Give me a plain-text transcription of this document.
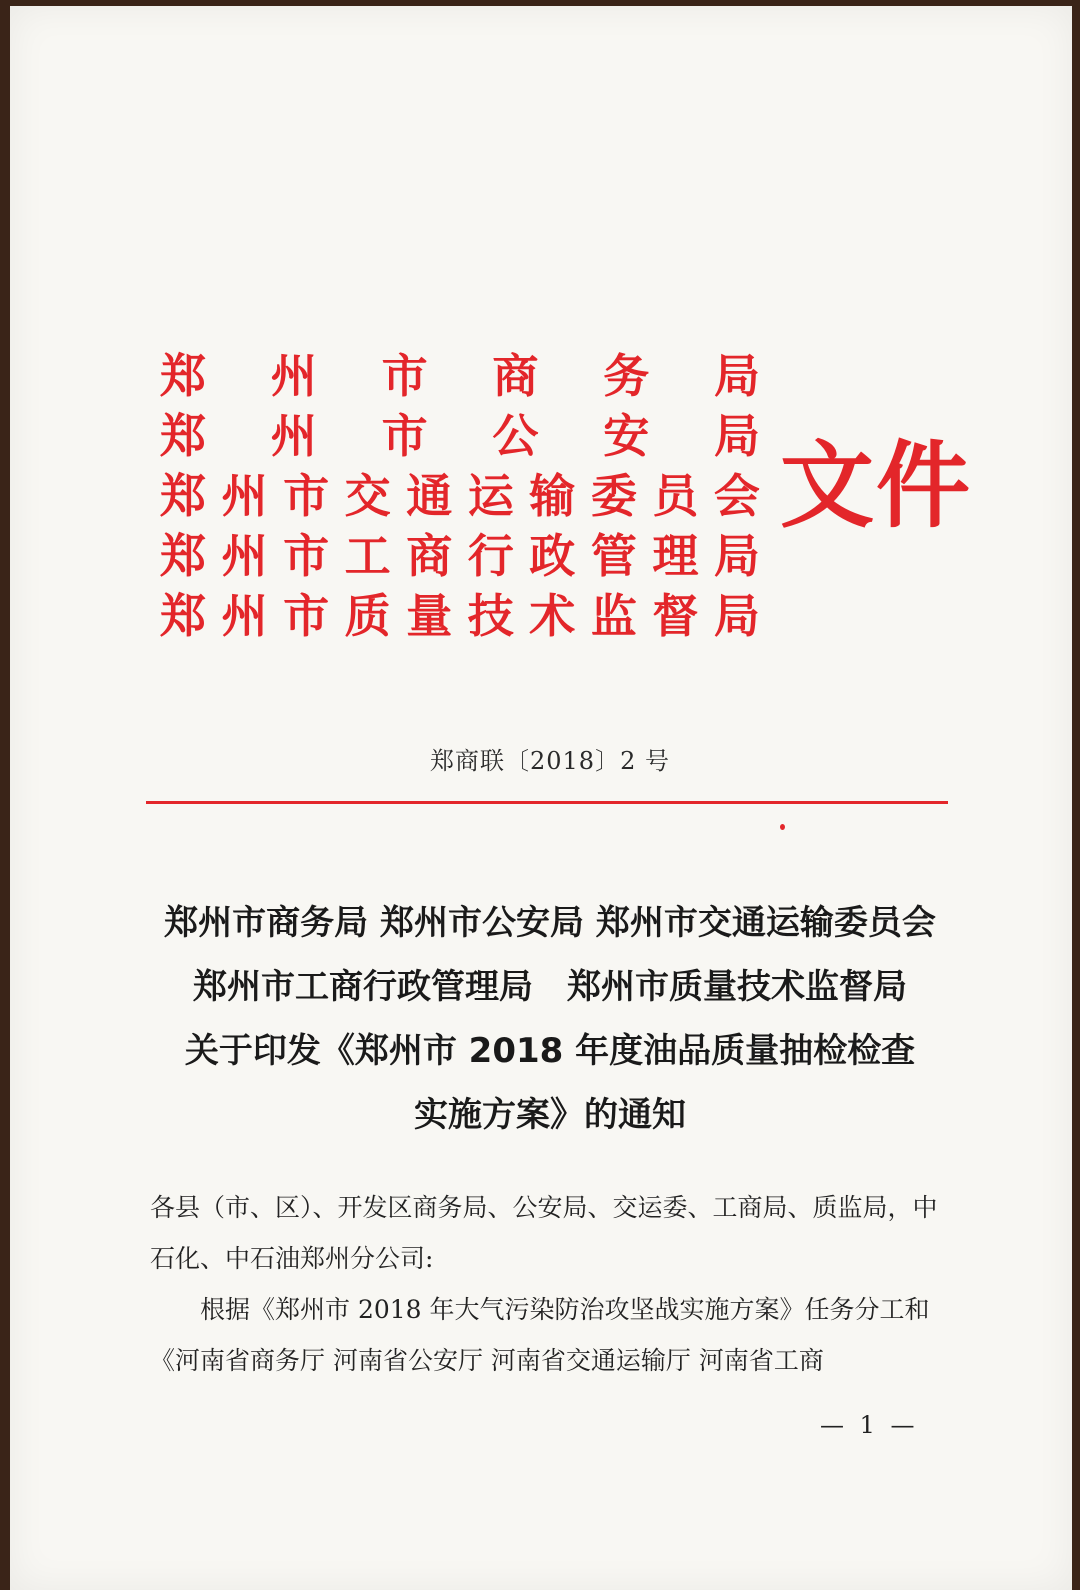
郑 州 市 商 务 局
郑 州 市 公 安 局
郑 州 市 交 通 运 输 委 员 会
郑 州 市 工 商 行 政 管 理 局
郑 州 市 质 量 技 术 监 督 局
文件
郑商联〔2018〕2 号
郑州市商务局 郑州市公安局 郑州市交通运输委员会
郑州市工商行政管理局　郑州市质量技术监督局
关于印发《郑州市 2018 年度油品质量抽检检查
实施方案》的通知

各县（市、区）、开发区商务局、公安局、交运委、工商局、质监局，中石化、中石油郑州分公司:

根据《郑州市 2018 年大气污染防治攻坚战实施方案》任务分工和《河南省商务厅 河南省公安厅 河南省交通运输厅 河南省工商

— 1 —
